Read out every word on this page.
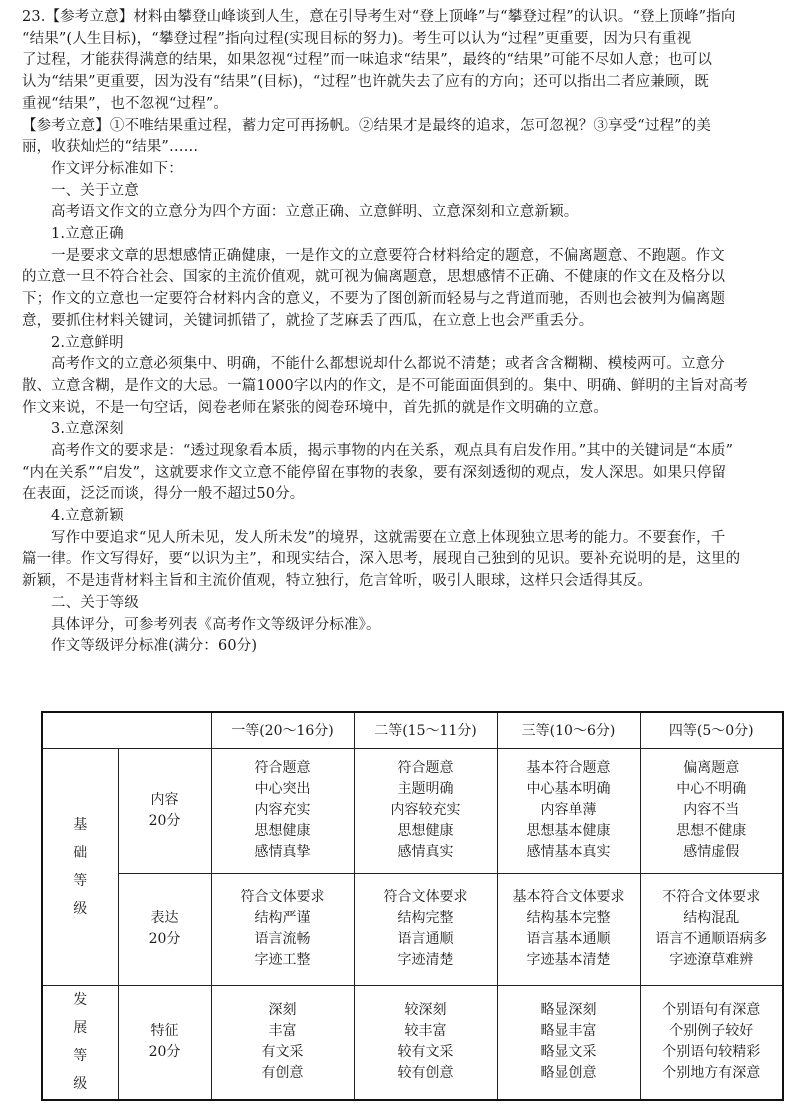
23.【参考立意】材料由攀登山峰谈到人生，意在引导考生对“登上顶峰”与“攀登过程”的认识。“登上顶峰”指向
“结果”(人生目标)，“攀登过程”指向过程(实现目标的努力)。考生可以认为“过程”更重要，因为只有重视
了过程，才能获得满意的结果，如果忽视“过程”而一味追求“结果”，最终的“结果”可能不尽如人意；也可以
认为“结果”更重要，因为没有“结果”(目标)，“过程”也许就失去了应有的方向；还可以指出二者应兼顾，既
重视“结果”，也不忽视“过程”。
【参考立意】①不唯结果重过程，蓄力定可再扬帆。②结果才是最终的追求，怎可忽视？③享受“过程”的美
丽，收获灿烂的“结果”……
作文评分标准如下：
一、关于立意
高考语文作文的立意分为四个方面：立意正确、立意鲜明、立意深刻和立意新颖。
1.立意正确
一是要求文章的思想感情正确健康，一是作文的立意要符合材料给定的题意，不偏离题意、不跑题。作文
的立意一旦不符合社会、国家的主流价值观，就可视为偏离题意，思想感情不正确、不健康的作文在及格分以
下；作文的立意也一定要符合材料内含的意义，不要为了图创新而轻易与之背道而驰，否则也会被判为偏离题
意，要抓住材料关键词，关键词抓错了，就捡了芝麻丢了西瓜，在立意上也会严重丢分。
2.立意鲜明
高考作文的立意必须集中、明确，不能什么都想说却什么都说不清楚；或者含含糊糊、模棱两可。立意分
散、立意含糊，是作文的大忌。一篇1000字以内的作文，是不可能面面俱到的。集中、明确、鲜明的主旨对高考
作文来说，不是一句空话，阅卷老师在紧张的阅卷环境中，首先抓的就是作文明确的立意。
3.立意深刻
高考作文的要求是：“透过现象看本质，揭示事物的内在关系，观点具有启发作用。”其中的关键词是“本质”
“内在关系”“启发”，这就要求作文立意不能停留在事物的表象，要有深刻透彻的观点，发人深思。如果只停留
在表面，泛泛而谈，得分一般不超过50分。
4.立意新颖
写作中要追求“见人所未见，发人所未发”的境界，这就需要在立意上体现独立思考的能力。不要套作，千
篇一律。作文写得好，要“以识为主”，和现实结合，深入思考，展现自己独到的见识。要补充说明的是，这里的
新颖，不是违背材料主旨和主流价值观，特立独行，危言耸听，吸引人眼球，这样只会适得其反。
二、关于等级
具体评分，可参考列表《高考作文等级评分标准》。
作文等级评分标准(满分：60分)
		一等(20～16分)	二等(15～11分)	三等(10～6分)	四等(5～0分)

基
础
等
级	内容
20分	符合题意
中心突出
内容充实
思想健康
感情真挚	符合题意
主题明确
内容较充实
思想健康
感情真实	基本符合题意
中心基本明确
内容单薄
思想基本健康
感情基本真实	偏离题意
中心不明确
内容不当
思想不健康
感情虚假

	表达
20分	符合文体要求
结构严谨
语言流畅
字迹工整	符合文体要求
结构完整
语言通顺
字迹清楚	基本符合文体要求
结构基本完整
语言基本通顺
字迹基本清楚	不符合文体要求
结构混乱
语言不通顺语病多
字迹潦草难辨

发
展
等
级	特征
20分	深刻
丰富
有文采
有创意	较深刻
较丰富
较有文采
较有创意	略显深刻
略显丰富
略显文采
略显创意	个别语句有深意
个别例子较好
个别语句较精彩
个别地方有深意
